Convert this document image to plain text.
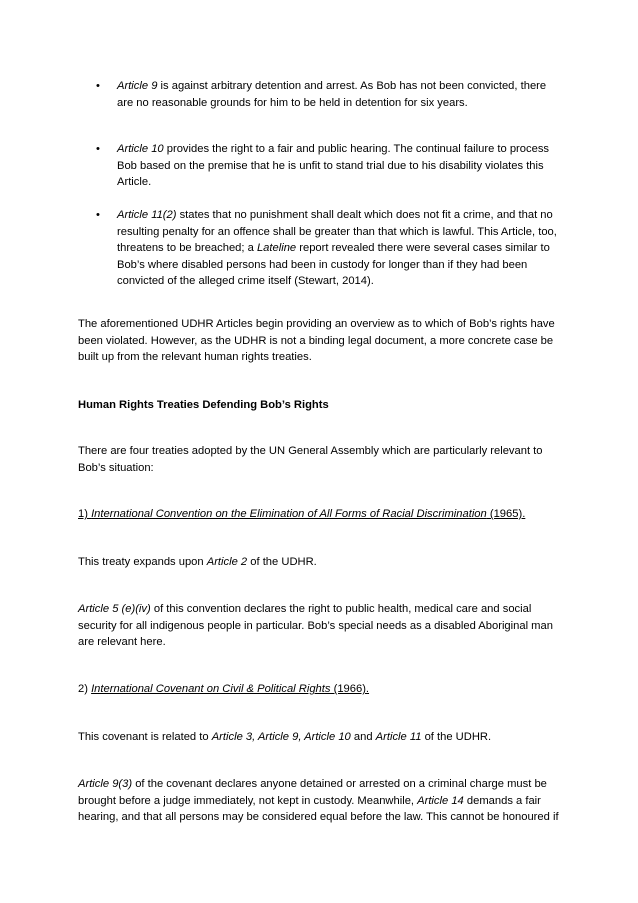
• Article 9 is against arbitrary detention and arrest. As Bob has not been convicted, there are no reasonable grounds for him to be held in detention for six years.

• Article 10 provides the right to a fair and public hearing. The continual failure to process Bob based on the premise that he is unfit to stand trial due to his disability violates this Article.

• Article 11(2) states that no punishment shall dealt which does not fit a crime, and that no resulting penalty for an offence shall be greater than that which is lawful. This Article, too, threatens to be breached; a Lateline report revealed there were several cases similar to Bob’s where disabled persons had been in custody for longer than if they had been convicted of the alleged crime itself (Stewart, 2014).

The aforementioned UDHR Articles begin providing an overview as to which of Bob’s rights have been violated. However, as the UDHR is not a binding legal document, a more concrete case be built up from the relevant human rights treaties.

Human Rights Treaties Defending Bob’s Rights

There are four treaties adopted by the UN General Assembly which are particularly relevant to Bob’s situation:

1) International Convention on the Elimination of All Forms of Racial Discrimination (1965).

This treaty expands upon Article 2 of the UDHR.

Article 5 (e)(iv) of this convention declares the right to public health, medical care and social security for all indigenous people in particular. Bob’s special needs as a disabled Aboriginal man are relevant here.

2) International Covenant on Civil & Political Rights (1966).

This covenant is related to Article 3, Article 9, Article 10 and Article 11 of the UDHR.

Article 9(3) of the covenant declares anyone detained or arrested on a criminal charge must be brought before a judge immediately, not kept in custody. Meanwhile, Article 14 demands a fair hearing, and that all persons may be considered equal before the law. This cannot be honoured if
